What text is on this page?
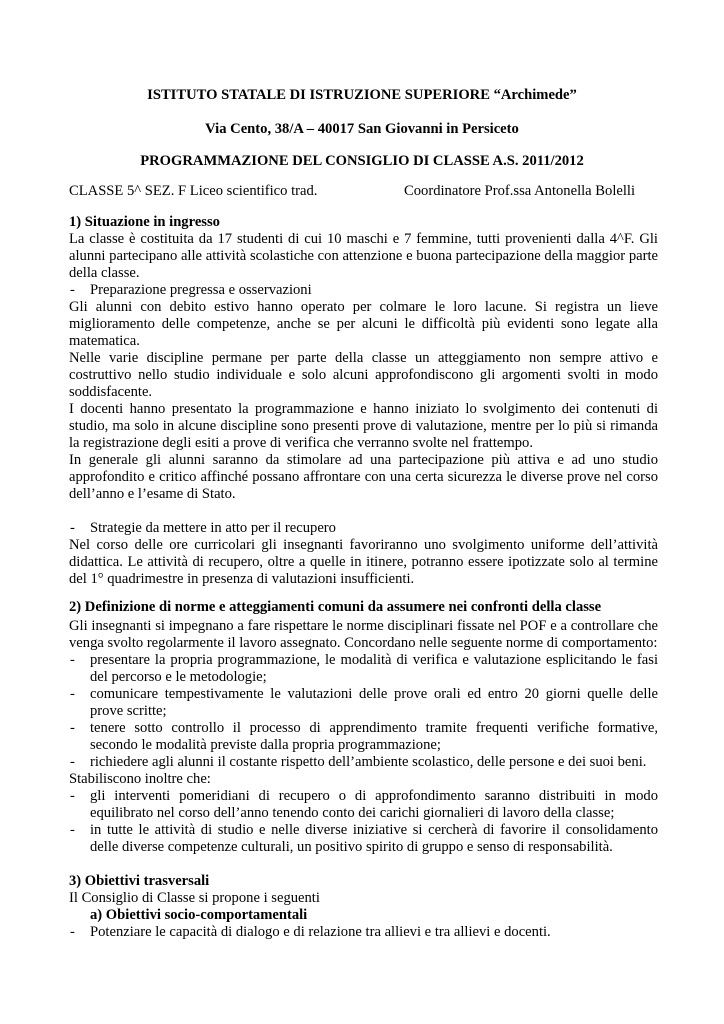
ISTITUTO STATALE DI ISTRUZIONE SUPERIORE “Archimede”
Via Cento, 38/A – 40017 San Giovanni in Persiceto
PROGRAMMAZIONE DEL CONSIGLIO DI CLASSE A.S. 2011/2012
CLASSE 5^ SEZ. F Liceo scientifico trad.	Coordinatore Prof.ssa Antonella Bolelli
1) Situazione in ingresso

La classe è costituita da 17 studenti di cui 10 maschi e 7 femmine, tutti provenienti dalla 4^F. Gli alunni partecipano alle attività scolastiche con attenzione e buona partecipazione della maggior parte della classe.

- Preparazione pregressa e osservazioni

Gli alunni con debito estivo hanno operato per colmare le loro lacune. Si registra un lieve miglioramento delle competenze, anche se per alcuni le difficoltà più evidenti sono legate alla matematica.

Nelle varie discipline permane per parte della classe un atteggiamento non sempre attivo e costruttivo nello studio individuale e solo alcuni approfondiscono gli argomenti svolti in modo soddisfacente.

I docenti hanno presentato la programmazione e hanno iniziato lo svolgimento dei contenuti di studio, ma solo in alcune discipline sono presenti prove di valutazione, mentre per lo più si rimanda la registrazione degli esiti a prove di verifica che verranno svolte nel frattempo.

In generale gli alunni saranno da stimolare ad una partecipazione più attiva e ad uno studio approfondito e critico affinché possano affrontare con una certa sicurezza le diverse prove nel corso dell’anno e l’esame di Stato.

- Strategie da mettere in atto per il recupero

Nel corso delle ore curricolari gli insegnanti favoriranno uno svolgimento uniforme dell’attività didattica. Le attività di recupero, oltre a quelle in itinere, potranno essere ipotizzate solo al termine del 1° quadrimestre in presenza di valutazioni insufficienti.

2) Definizione di norme e atteggiamenti comuni da assumere nei confronti della classe

Gli insegnanti si impegnano a fare rispettare le norme disciplinari fissate nel POF e a controllare che venga svolto regolarmente il lavoro assegnato. Concordano nelle seguente norme di comportamento:

- presentare la propria programmazione, le modalità di verifica e valutazione esplicitando le fasi del percorso e le metodologie;
- comunicare tempestivamente le valutazioni delle prove orali ed entro 20 giorni quelle delle prove scritte;
- tenere sotto controllo il processo di apprendimento tramite frequenti verifiche formative, secondo le modalità previste dalla propria programmazione;
- richiedere agli alunni il costante rispetto dell’ambiente scolastico, delle persone e dei suoi beni.

Stabiliscono inoltre che:

- gli interventi pomeridiani di recupero o di approfondimento saranno distribuiti in modo equilibrato nel corso dell’anno tenendo conto dei carichi giornalieri di lavoro della classe;
- in tutte le attività di studio e nelle diverse iniziative si cercherà di favorire il consolidamento delle diverse competenze culturali, un positivo spirito di gruppo e senso di responsabilità.
3) Obiettivi trasversali

Il Consiglio di Classe si propone i seguenti

a) Obiettivi socio-comportamentali
- Potenziare le capacità di dialogo e di relazione tra allievi e tra allievi e docenti.
